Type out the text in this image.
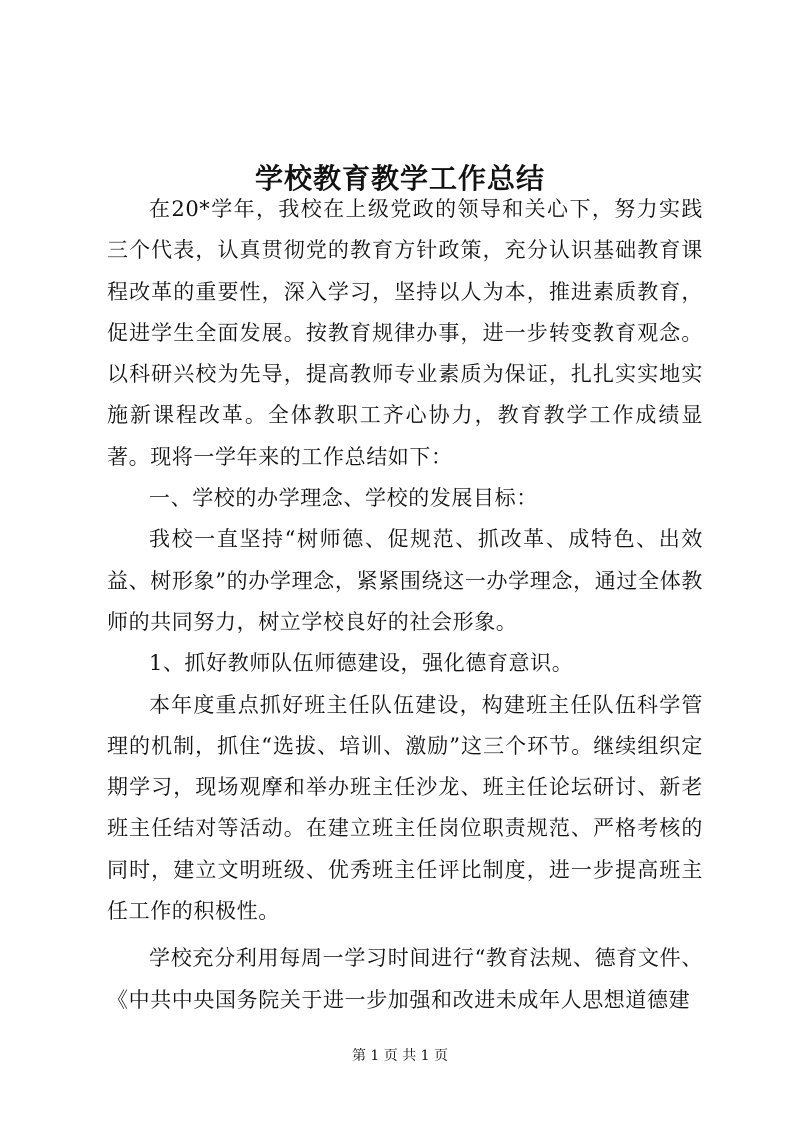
学校教育教学工作总结

在20*学年，我校在上级党政的领导和关心下，努力实践三个代表，认真贯彻党的教育方针政策，充分认识基础教育课程改革的重要性，深入学习，坚持以人为本，推进素质教育，促进学生全面发展。按教育规律办事，进一步转变教育观念。以科研兴校为先导，提高教师专业素质为保证，扎扎实实地实施新课程改革。全体教职工齐心协力，教育教学工作成绩显著。现将一学年来的工作总结如下：

一、学校的办学理念、学校的发展目标：

我校一直坚持“树师德、促规范、抓改革、成特色、出效益、树形象”的办学理念，紧紧围绕这一办学理念，通过全体教师的共同努力，树立学校良好的社会形象。

1、抓好教师队伍师德建设，强化德育意识。

本年度重点抓好班主任队伍建设，构建班主任队伍科学管理的机制，抓住“选拔、培训、激励”这三个环节。继续组织定期学习，现场观摩和举办班主任沙龙、班主任论坛研讨、新老班主任结对等活动。在建立班主任岗位职责规范、严格考核的同时，建立文明班级、优秀班主任评比制度，进一步提高班主任工作的积极性。

学校充分利用每周一学习时间进行“教育法规、德育文件、《中共中央国务院关于进一步加强和改进未成年人思想道德建

第 1 页 共 1 页
